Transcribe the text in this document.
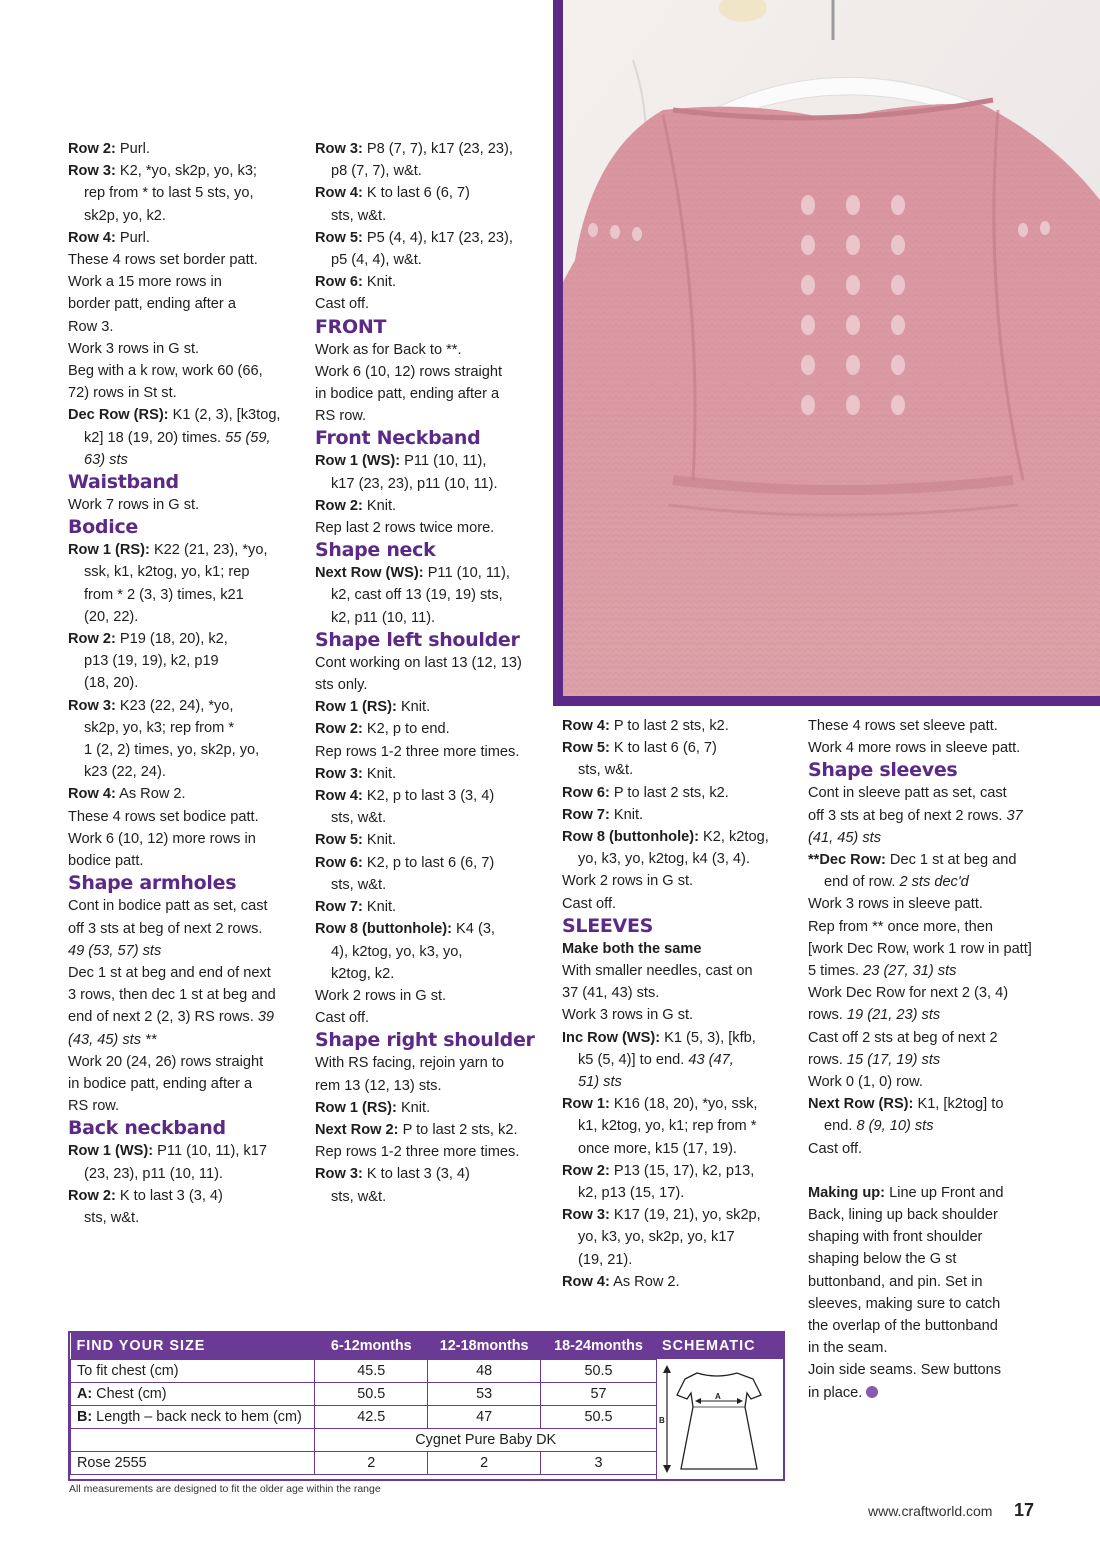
Row 2: Purl.

Row 3: K2, *yo, sk2p, yo, k3;

rep from * to last 5 sts, yo,

sk2p, yo, k2.

Row 4: Purl.

These 4 rows set border patt.

Work a 15 more rows in

border patt, ending after a

Row 3.

Work 3 rows in G st.

Beg with a k row, work 60 (66,

72) rows in St st.

Dec Row (RS): K1 (2, 3), [k3tog,

k2] 18 (19, 20) times. 55 (59,

63) sts

Waistband

Work 7 rows in G st.

Bodice

Row 1 (RS): K22 (21, 23), *yo,

ssk, k1, k2tog, yo, k1; rep

from * 2 (3, 3) times, k21

(20, 22).

Row 2: P19 (18, 20), k2,

p13 (19, 19), k2, p19

(18, 20).

Row 3: K23 (22, 24), *yo,

sk2p, yo, k3; rep from *

1 (2, 2) times, yo, sk2p, yo,

k23 (22, 24).

Row 4: As Row 2.

These 4 rows set bodice patt.

Work 6 (10, 12) more rows in

bodice patt.

Shape armholes

Cont in bodice patt as set, cast

off 3 sts at beg of next 2 rows.

49 (53, 57) sts

Dec 1 st at beg and end of next

3 rows, then dec 1 st at beg and

end of next 2 (2, 3) RS rows. 39

(43, 45) sts **

Work 20 (24, 26) rows straight

in bodice patt, ending after a

RS row.

Back neckband

Row 1 (WS): P11 (10, 11), k17

(23, 23), p11 (10, 11).

Row 2: K to last 3 (3, 4)

sts, w&t.

Row 3: P8 (7, 7), k17 (23, 23),

p8 (7, 7), w&t.

Row 4: K to last 6 (6, 7)

sts, w&t.

Row 5: P5 (4, 4), k17 (23, 23),

p5 (4, 4), w&t.

Row 6: Knit.

Cast off.

FRONT

Work as for Back to **.

Work 6 (10, 12) rows straight

in bodice patt, ending after a

RS row.

Front Neckband

Row 1 (WS): P11 (10, 11),

k17 (23, 23), p11 (10, 11).

Row 2: Knit.

Rep last 2 rows twice more.

Shape neck

Next Row (WS): P11 (10, 11),

k2, cast off 13 (19, 19) sts,

k2, p11 (10, 11).

Shape left shoulder

Cont working on last 13 (12, 13)

sts only.

Row 1 (RS): Knit.

Row 2: K2, p to end.

Rep rows 1-2 three more times.

Row 3: Knit.

Row 4: K2, p to last 3 (3, 4)

sts, w&t.

Row 5: Knit.

Row 6: K2, p to last 6 (6, 7)

sts, w&t.

Row 7: Knit.

Row 8 (buttonhole): K4 (3,

4), k2tog, yo, k3, yo,

k2tog, k2.

Work 2 rows in G st.

Cast off.

Shape right shoulder

With RS facing, rejoin yarn to

rem 13 (12, 13) sts.

Row 1 (RS): Knit.

Next Row 2: P to last 2 sts, k2.

Rep rows 1-2 three more times.

Row 3: K to last 3 (3, 4)

sts, w&t.

Row 4: P to last 2 sts, k2.

Row 5: K to last 6 (6, 7)

sts, w&t.

Row 6: P to last 2 sts, k2.

Row 7: Knit.

Row 8 (buttonhole): K2, k2tog,

yo, k3, yo, k2tog, k4 (3, 4).

Work 2 rows in G st.

Cast off.

SLEEVES

Make both the same

With smaller needles, cast on

37 (41, 43) sts.

Work 3 rows in G st.

Inc Row (WS): K1 (5, 3), [kfb,

k5 (5, 4)] to end. 43 (47,

51) sts

Row 1: K16 (18, 20), *yo, ssk,

k1, k2tog, yo, k1; rep from *

once more, k15 (17, 19).

Row 2: P13 (15, 17), k2, p13,

k2, p13 (15, 17).

Row 3: K17 (19, 21), yo, sk2p,

yo, k3, yo, sk2p, yo, k17

(19, 21).

Row 4: As Row 2.

These 4 rows set sleeve patt.

Work 4 more rows in sleeve patt.

Shape sleeves

Cont in sleeve patt as set, cast

off 3 sts at beg of next 2 rows. 37

(41, 45) sts

**Dec Row: Dec 1 st at beg and

end of row. 2 sts dec'd

Work 3 rows in sleeve patt.

Rep from ** once more, then

[work Dec Row, work 1 row in patt]

5 times. 23 (27, 31) sts

Work Dec Row for next 2 (3, 4)

rows. 19 (21, 23) sts

Cast off 2 sts at beg of next 2

rows. 15 (17, 19) sts

Work 0 (1, 0) row.

Next Row (RS): K1, [k2tog] to

end. 8 (9, 10) sts

Cast off.

Making up: Line up Front and

Back, lining up back shoulder

shaping with front shoulder

shaping below the G st

buttonband, and pin. Set in

sleeves, making sure to catch

the overlap of the buttonband

in the seam.

Join side seams. Sew buttons

in place.

FIND YOUR SIZE	6-12months	12-18months	18-24months
To fit chest (cm)	45.5	48	50.5
A: Chest (cm)	50.5	53	57
B: Length – back neck to hem (cm)	42.5	47	50.5
	Cygnet Pure Baby DK		
Rose 2555	2	2	3
SCHEMATIC
B
A
All measurements are designed to fit the older age within the range
www.craftworld.com 17
